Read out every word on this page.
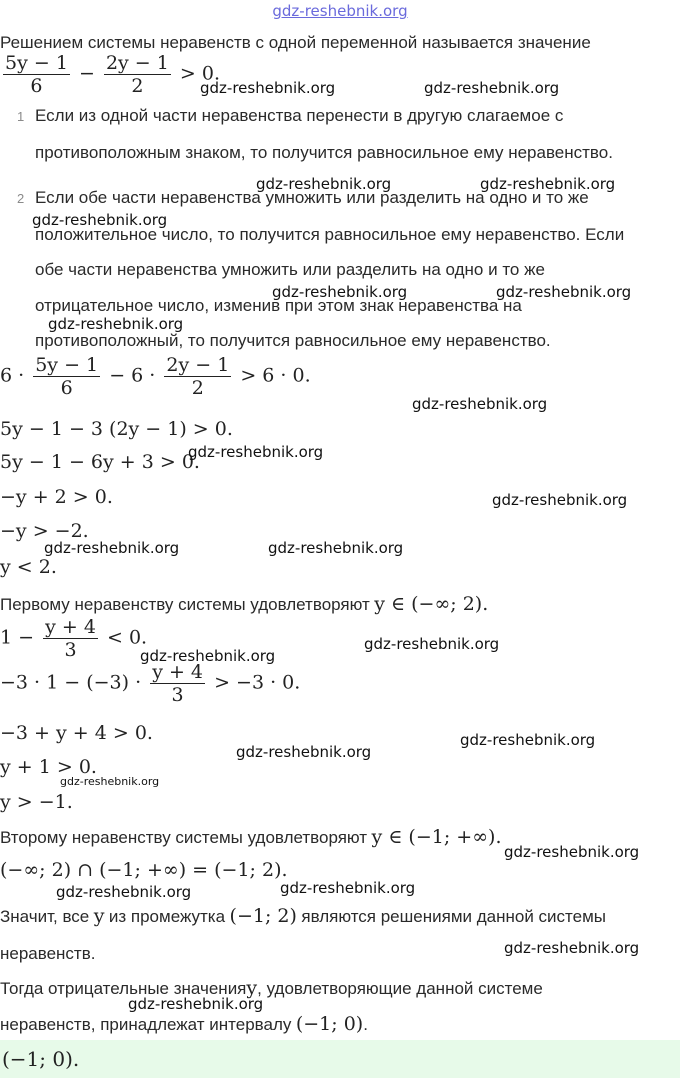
gdz-reshebnik.org
Решением системы неравенств с одной переменной называется значение
$\frac{5y - 1}{6} - \frac{2y - 1}{2} > 0$.
1 Если из одной части неравенства перенести в другую слагаемое с
противоположным знаком, то получится равносильное ему неравенство.
2 Если обе части неравенства умножить или разделить на одно и то же
положительное число, то получится равносильное ему неравенство. Если
обе части неравенства умножить или разделить на одно и то же
отрицательное число, изменив при этом знак неравенства на
противоположный, то получится равносильное ему неравенство.
$6 \cdot \frac{5y - 1}{6} - 6 \cdot \frac{2y - 1}{2} > 6 \cdot 0$.
5y − 1 − 3 (2y − 1) > 0.
5y − 1 − 6y + 3 > 0.
−y + 2 > 0.
−y > −2.
y < 2.
Первому неравенству системы удовлетворяют y ∈ (−∞; 2).
$1 - \frac{y + 4}{3} < 0$.
$-3 \cdot 1 - (-3) \cdot \frac{y + 4}{3} > -3 \cdot 0$.
−3 + y + 4 > 0.
y + 1 > 0.
y > −1.
Второму неравенству системы удовлетворяют y ∈ (−1; +∞).
(−∞; 2) ∩ (−1; +∞) = (−1; 2).
Значит, все y из промежутка (−1; 2) являются решениями данной системы
неравенств.
Тогда отрицательные значенияy, удовлетворяющие данной системе
неравенств, принадлежат интервалу (−1; 0).
(−1; 0).
gdz-reshebnik.org	gdz-reshebnik.org
gdz-reshebnik.org	gdz-reshebnik.org
gdz-reshebnik.org
gdz-reshebnik.org	gdz-reshebnik.org
gdz-reshebnik.org
gdz-reshebnik.org
gdz-reshebnik.org
gdz-reshebnik.org
gdz-reshebnik.org	gdz-reshebnik.org
gdz-reshebnik.org
gdz-reshebnik.org
gdz-reshebnik.org
gdz-reshebnik.org
gdz-reshebnik.org
gdz-reshebnik.org
gdz-reshebnik.org	gdz-reshebnik.org
gdz-reshebnik.org
gdz-reshebnik.org
